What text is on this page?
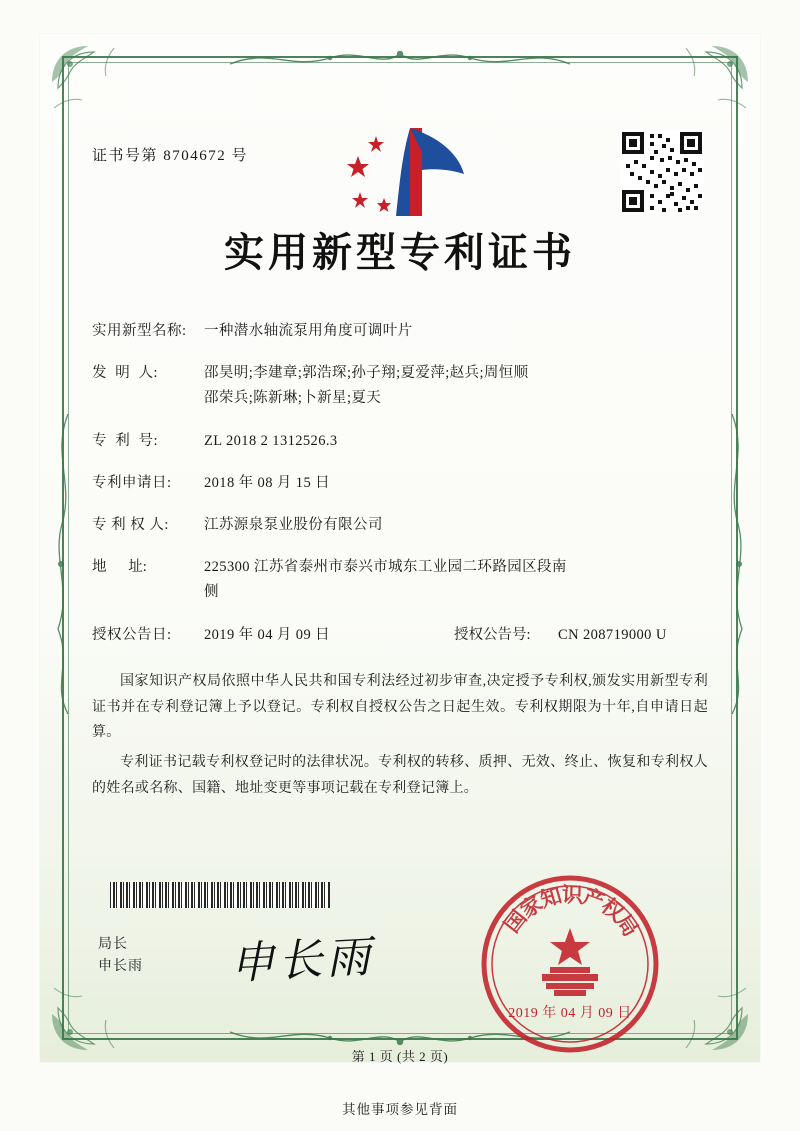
证书号第 8704672 号
实用新型专利证书
实用新型名称:	一种潜水轴流泵用角度可调叶片
发  明  人:	邵昊明;李建章;郭浩琛;孙子翔;夏爱萍;赵兵;周恒顺
邵荣兵;陈新琳;卜新星;夏天
专  利  号:	ZL 2018 2 1312526.3
专利申请日:	2018 年 08 月 15 日
专 利 权 人:	江苏源泉泵业股份有限公司
地      址:	225300 江苏省泰州市泰兴市城东工业园二环路园区段南
侧
授权公告日:	2019 年 04 月 09 日	授权公告号:	CN 208719000 U
国家知识产权局依照中华人民共和国专利法经过初步审查,决定授予专利权,颁发实用新型专利证书并在专利登记簿上予以登记。专利权自授权公告之日起生效。专利权期限为十年,自申请日起算。
专利证书记载专利权登记时的法律状况。专利权的转移、质押、无效、终止、恢复和专利权人的姓名或名称、国籍、地址变更等事项记载在专利登记簿上。
局长
申长雨 申长雨
国
家
知
识
产
权
局
2019 年 04 月 09 日
第 1 页 (共 2 页)
其他事项参见背面
